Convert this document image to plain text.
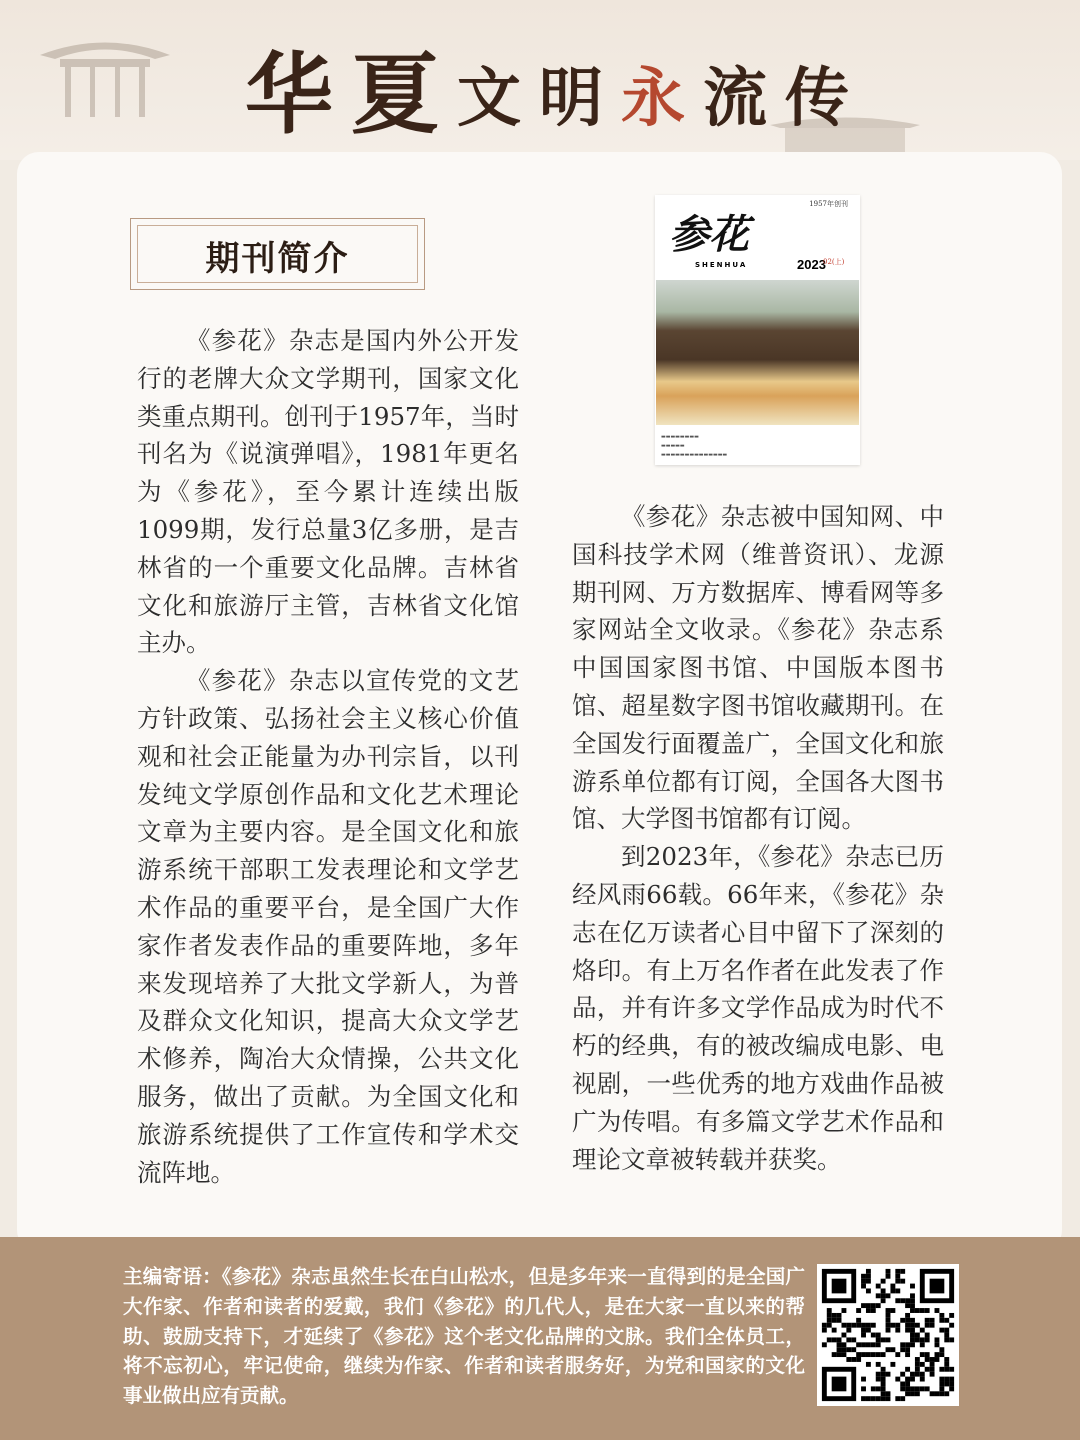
华 夏 文 明 永 流 传
期刊简介

《参花》杂志是国内外公开发行的老牌大众文学期刊，国家文化类重点期刊。创刊于1957年，当时刊名为《说演弹唱》，1981年更名为《参花》，至今累计连续出版1099期，发行总量3亿多册，是吉林省的一个重要文化品牌。吉林省文化和旅游厅主管，吉林省文化馆主办。

《参花》杂志以宣传党的文艺方针政策、弘扬社会主义核心价值观和社会正能量为办刊宗旨，以刊发纯文学原创作品和文化艺术理论文章为主要内容。是全国文化和旅游系统干部职工发表理论和文学艺术作品的重要平台，是全国广大作家作者发表作品的重要阵地，多年来发现培养了大批文学新人，为普及群众文化知识，提高大众文学艺术修养，陶冶大众情操，公共文化服务，做出了贡献。为全国文化和旅游系统提供了工作宣传和学术交流阵地。

1957年创刊
参花
SHENHUA	2023
02(上)
▬▬▬▬▬▬▬▬
▬▬▬▬▬
▬▬▬▬▬▬▬▬▬▬▬▬▬▬

《参花》杂志被中国知网、中国科技学术网（维普资讯）、龙源期刊网、万方数据库、博看网等多家网站全文收录。《参花》杂志系中国国家图书馆、中国版本图书馆、超星数字图书馆收藏期刊。在全国发行面覆盖广，全国文化和旅游系单位都有订阅，全国各大图书馆、大学图书馆都有订阅。

到2023年，《参花》杂志已历经风雨66载。66年来，《参花》杂志在亿万读者心目中留下了深刻的烙印。有上万名作者在此发表了作品，并有许多文学作品成为时代不朽的经典，有的被改编成电影、电视剧，一些优秀的地方戏曲作品被广为传唱。有多篇文学艺术作品和理论文章被转载并获奖。

主编寄语：《参花》杂志虽然生长在白山松水，但是多年来一直得到的是全国广大作家、作者和读者的爱戴，我们《参花》的几代人，是在大家一直以来的帮助、鼓励支持下，才延续了《参花》这个老文化品牌的文脉。我们全体员工，将不忘初心，牢记使命，继续为作家、作者和读者服务好，为党和国家的文化事业做出应有贡献。
